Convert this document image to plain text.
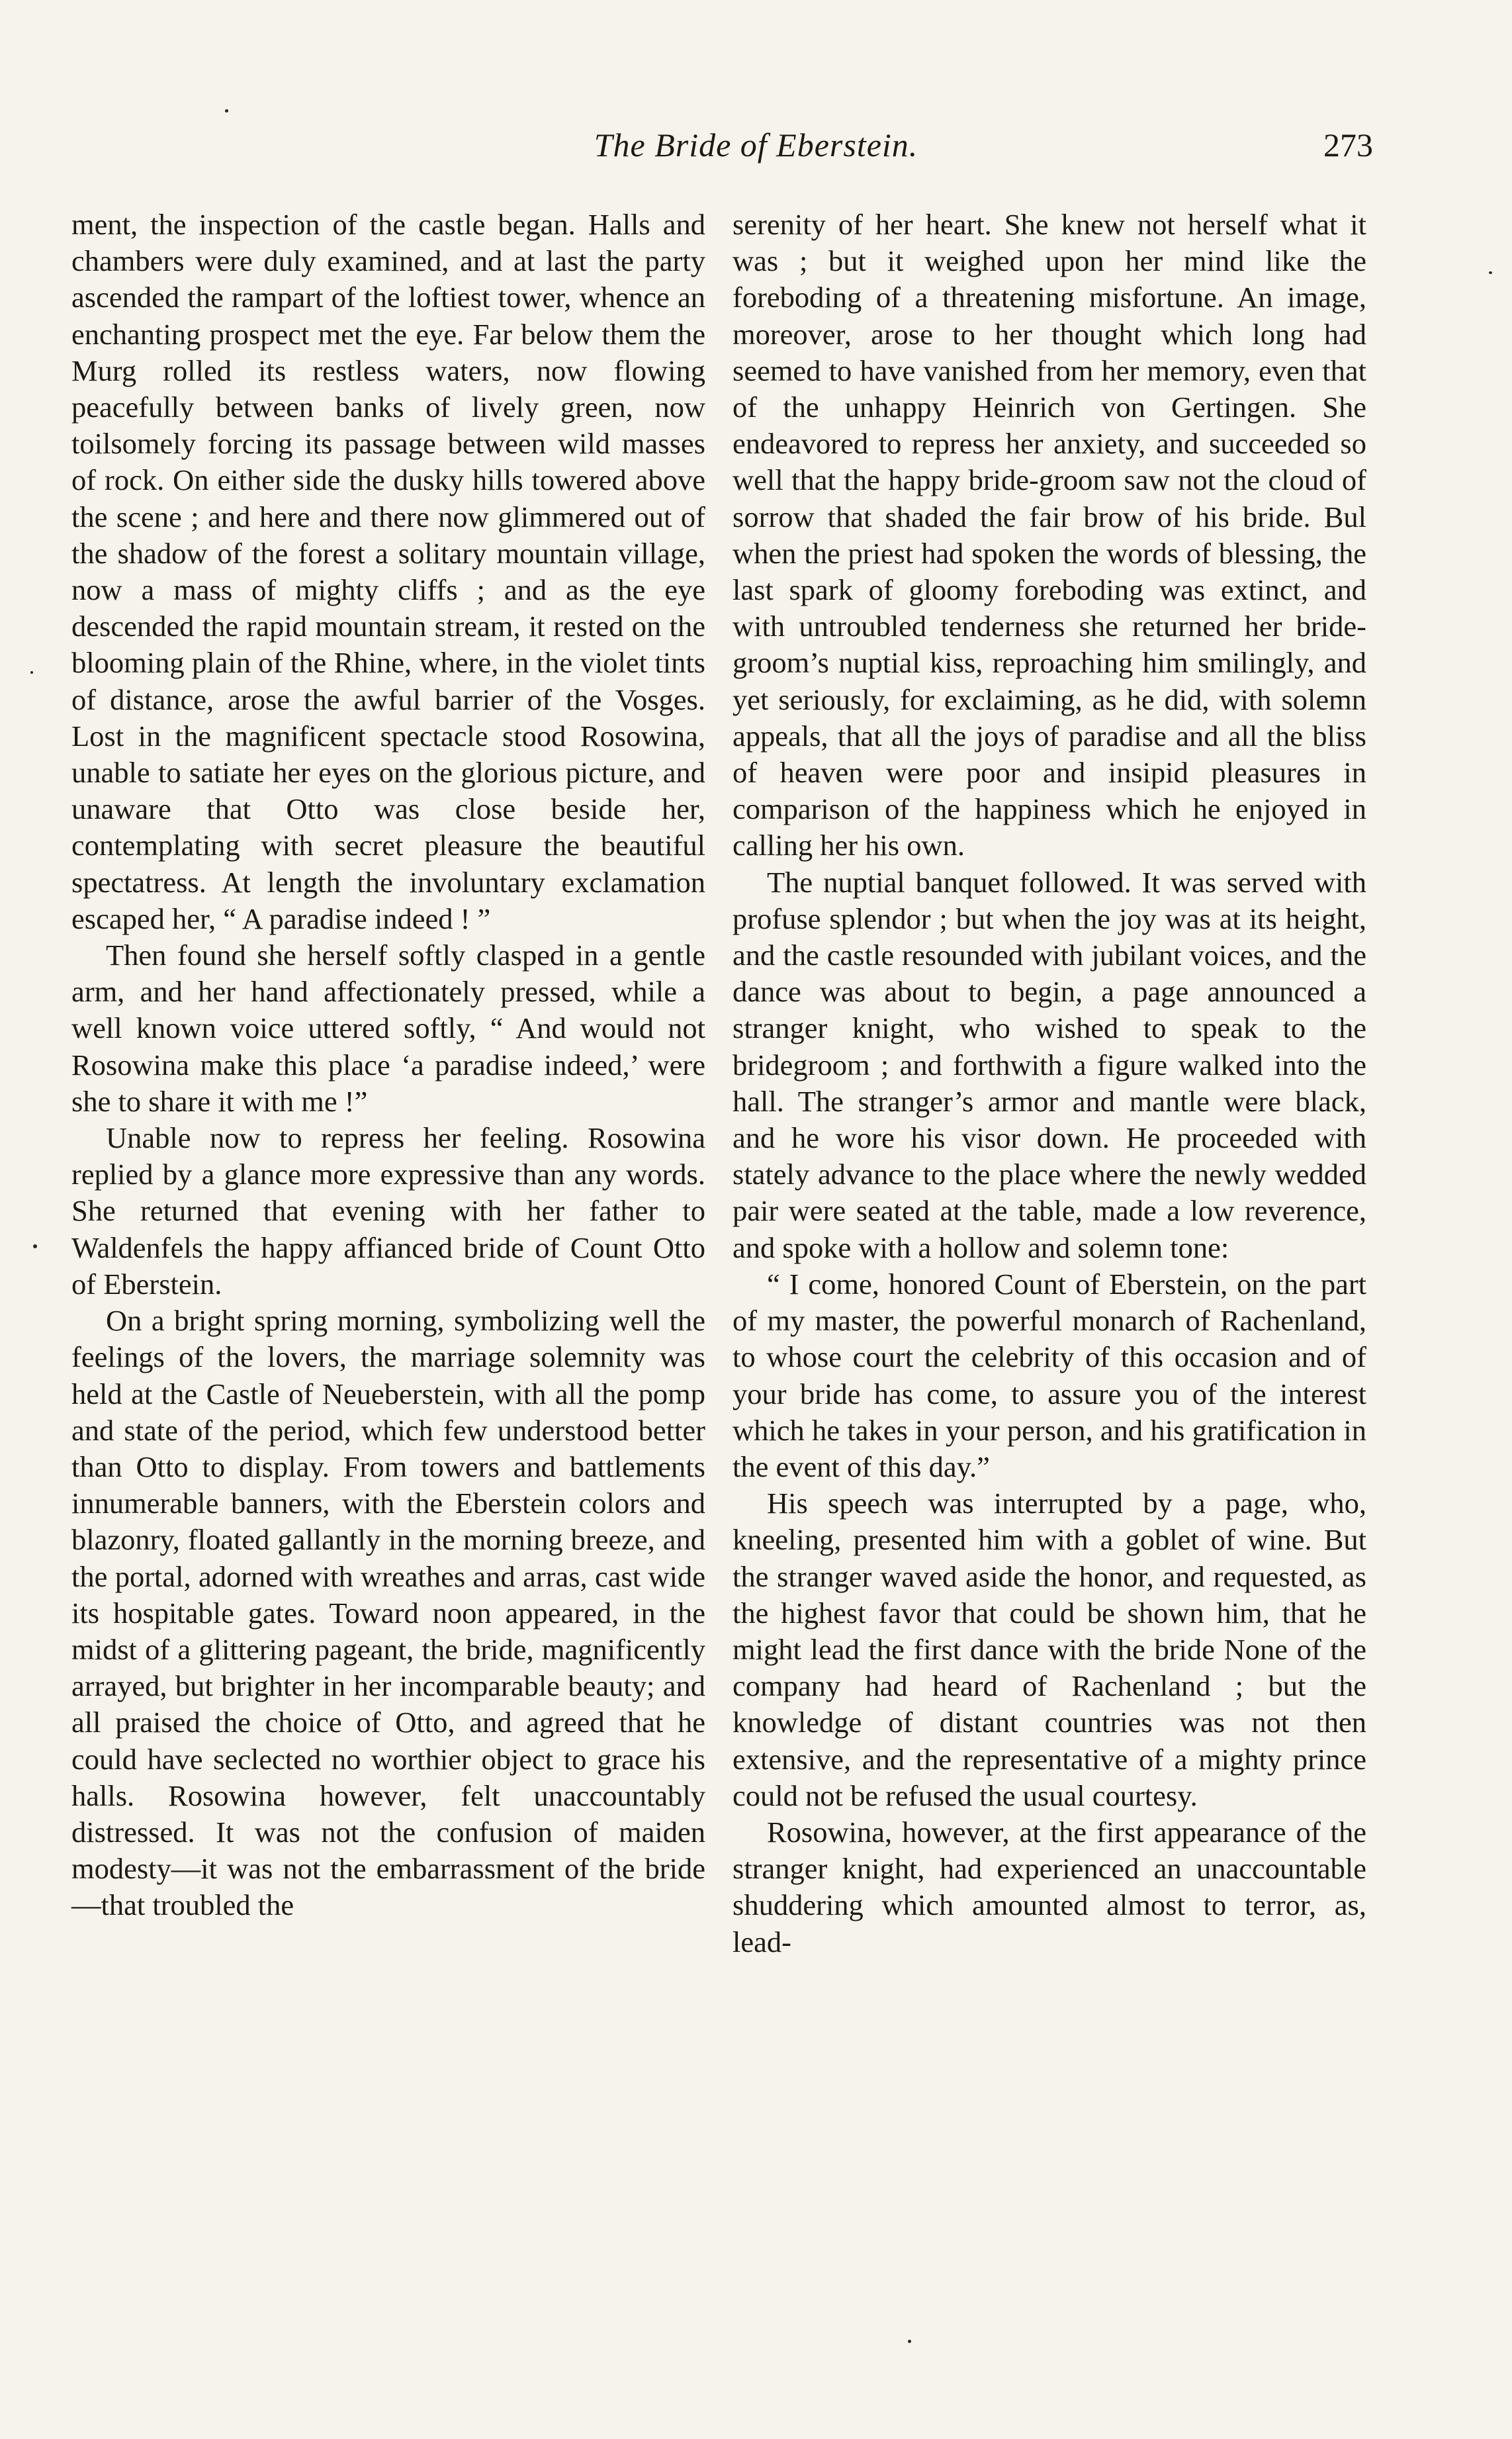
The Bride of Eberstein.	273

ment, the inspection of the castle began. Halls and chambers were duly examined, and at last the party ascended the rampart of the loftiest tower, whence an enchanting prospect met the eye. Far below them the Murg rolled its restless waters, now flowing peacefully between banks of lively green, now toilsomely forcing its passage between wild masses of rock. On either side the dusky hills towered above the scene ; and here and there now glimmered out of the shadow of the forest a solitary mountain village, now a mass of mighty cliffs ; and as the eye descended the rapid mountain stream, it rested on the blooming plain of the Rhine, where, in the violet tints of distance, arose the awful barrier of the Vosges. Lost in the magnificent spectacle stood Rosowina, unable to satiate her eyes on the glorious picture, and unaware that Otto was close beside her, contemplating with secret pleasure the beautiful spectatress. At length the involuntary exclamation escaped her, “ A paradise indeed ! ”

Then found she herself softly clasped in a gentle arm, and her hand affectionately pressed, while a well known voice uttered softly, “ And would not Rosowina make this place ‘a paradise indeed,’ were she to share it with me !”

Unable now to repress her feeling. Rosowina replied by a glance more expressive than any words. She returned that evening with her father to Waldenfels the happy affianced bride of Count Otto of Eberstein.

On a bright spring morning, symbolizing well the feelings of the lovers, the marriage solemnity was held at the Castle of Neueberstein, with all the pomp and state of the period, which few understood better than Otto to display. From towers and battlements innumerable banners, with the Eberstein colors and blazonry, floated gallantly in the morning breeze, and the portal, adorned with wreathes and arras, cast wide its hospitable gates. Toward noon appeared, in the midst of a glittering pageant, the bride, magnificently arrayed, but brighter in her incomparable beauty; and all praised the choice of Otto, and agreed that he could have seclected no worthier object to grace his halls. Rosowina however, felt unaccountably distressed. It was not the confusion of maiden modesty—it was not the embarrassment of the bride—that troubled the

serenity of her heart. She knew not herself what it was ; but it weighed upon her mind like the foreboding of a threatening misfortune. An image, moreover, arose to her thought which long had seemed to have vanished from her memory, even that of the unhappy Heinrich von Gertingen. She endeavored to repress her anxiety, and succeeded so well that the happy bride-groom saw not the cloud of sorrow that shaded the fair brow of his bride. Bul when the priest had spoken the words of blessing, the last spark of gloomy foreboding was extinct, and with untroubled tenderness she returned her bride-groom’s nuptial kiss, reproaching him smilingly, and yet seriously, for exclaiming, as he did, with solemn appeals, that all the joys of paradise and all the bliss of heaven were poor and insipid pleasures in comparison of the happiness which he enjoyed in calling her his own.

The nuptial banquet followed. It was served with profuse splendor ; but when the joy was at its height, and the castle resounded with jubilant voices, and the dance was about to begin, a page announced a stranger knight, who wished to speak to the bridegroom ; and forthwith a figure walked into the hall. The stranger’s armor and mantle were black, and he wore his visor down. He proceeded with stately advance to the place where the newly wedded pair were seated at the table, made a low reverence, and spoke with a hollow and solemn tone:

“ I come, honored Count of Eberstein, on the part of my master, the powerful monarch of Rachenland, to whose court the celebrity of this occasion and of your bride has come, to assure you of the interest which he takes in your person, and his gratification in the event of this day.”

His speech was interrupted by a page, who, kneeling, presented him with a goblet of wine. But the stranger waved aside the honor, and requested, as the highest favor that could be shown him, that he might lead the first dance with the bride None of the company had heard of Rachenland ; but the knowledge of distant countries was not then extensive, and the representative of a mighty prince could not be refused the usual courtesy.

Rosowina, however, at the first appearance of the stranger knight, had experienced an unaccountable shuddering which amounted almost to terror, as, lead-
